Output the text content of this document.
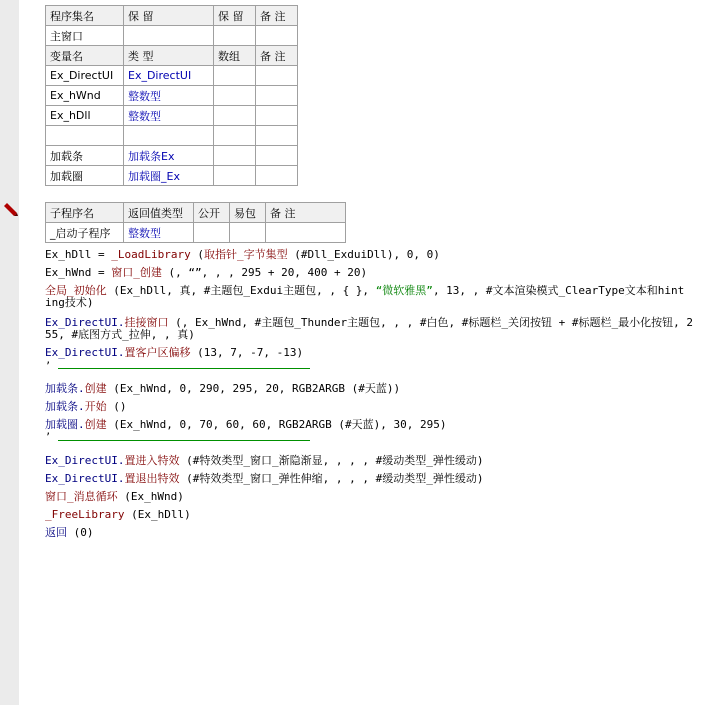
程序集名	保 留	保 留	备 注
主窗口			
变量名	类 型	数组	备 注
Ex_DirectUI	Ex_DirectUI		
Ex_hWnd	整数型		
Ex_hDll	整数型		

加载条	加载条Ex		
加载圈	加载圈_Ex		
子程序名	返回值类型	公开	易包	备 注
_启动子程序	整数型			
Ex_hDll = _LoadLibrary (取指针_字节集型 (#Dll_ExduiDll), 0, 0)
Ex_hWnd = 窗口_创建 (, “”, , , 295 + 20, 400 + 20)
全局_初始化 (Ex_hDll, 真, #主题包_Exdui主题包, , { }, “微软雅黑”, 13, , #文本渲染模式_ClearType文本和hint
ing技术)
Ex_DirectUI.挂接窗口 (, Ex_hWnd, #主题包_Thunder主题包, , , #白色, #标题栏_关闭按钮 + #标题栏_最小化按钮, 2
55, #底图方式_拉伸, , 真)
Ex_DirectUI.置客户区偏移 (13, 7, -7, -13)
’
加载条.创建 (Ex_hWnd, 0, 290, 295, 20, RGB2ARGB (#天蓝))
加载条.开始 ()
加载圈.创建 (Ex_hWnd, 0, 70, 60, 60, RGB2ARGB (#天蓝), 30, 295)
’
Ex_DirectUI.置进入特效 (#特效类型_窗口_渐隐渐显, , , , #缓动类型_弹性缓动)
Ex_DirectUI.置退出特效 (#特效类型_窗口_弹性伸缩, , , , #缓动类型_弹性缓动)
窗口_消息循环 (Ex_hWnd)
_FreeLibrary (Ex_hDll)
返回 (0)
